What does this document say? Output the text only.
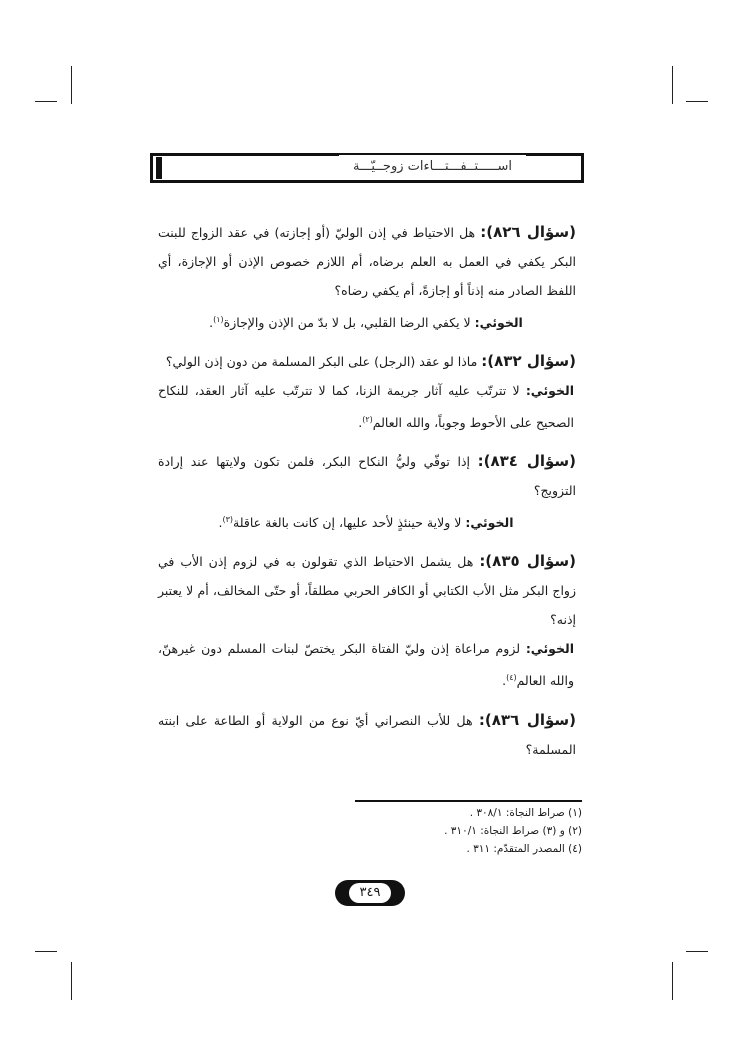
اســـــتــفـــتـــاءات زوجــيّـــة
(سؤال ٨٢٦): هل الاحتياط في إذن الوليّ (أو إجازته) في عقد الزواج للبنت البكر يكفي في العمل به العلم برضاه، أم اللازم خصوص الإذن أو الإجازة، أي اللفظ الصادر منه إذناً أو إجازةً، أم يكفي رضاه؟
الخوئي: لا يكفي الرضا القلبي، بل لا بدّ من الإذن والإجازة$^{(١)}$.
(سؤال ٨٣٢): ماذا لو عقد (الرجل) على البكر المسلمة من دون إذن الولي؟
الخوئي: لا تترتّب عليه آثار جريمة الزنا، كما لا تترتّب عليه آثار العقد، للنكاح الصحيح على الأحوط وجوباً، والله العالم$^{(٢)}$.
(سؤال ٨٣٤): إذا توفّي وليُّ النكاح البكر، فلمن تكون ولايتها عند إرادة التزويج؟
الخوئي: لا ولاية حينئذٍ لأحد عليها، إن كانت بالغة عاقلة$^{(٣)}$.
(سؤال ٨٣٥): هل يشمل الاحتياط الذي تقولون به في لزوم إذن الأب في زواج البكر مثل الأب الكتابي أو الكافر الحربي مطلقاً، أو حتّى المخالف، أم لا يعتبر إذنه؟
الخوئي: لزوم مراعاة إذن وليّ الفتاة البكر يختصّ لبنات المسلم دون غيرهنّ، والله العالم$^{(٤)}$.
(سؤال ٨٣٦): هل للأب النصراني أيّ نوع من الولاية أو الطاعة على ابنته المسلمة؟
(١) صراط النجاة: ٣٠٨/١ .
(٢) و (٣) صراط النجاة: ٣١٠/١ .
(٤) المصدر المتقدّم: ٣١١ .
٣٤٩
